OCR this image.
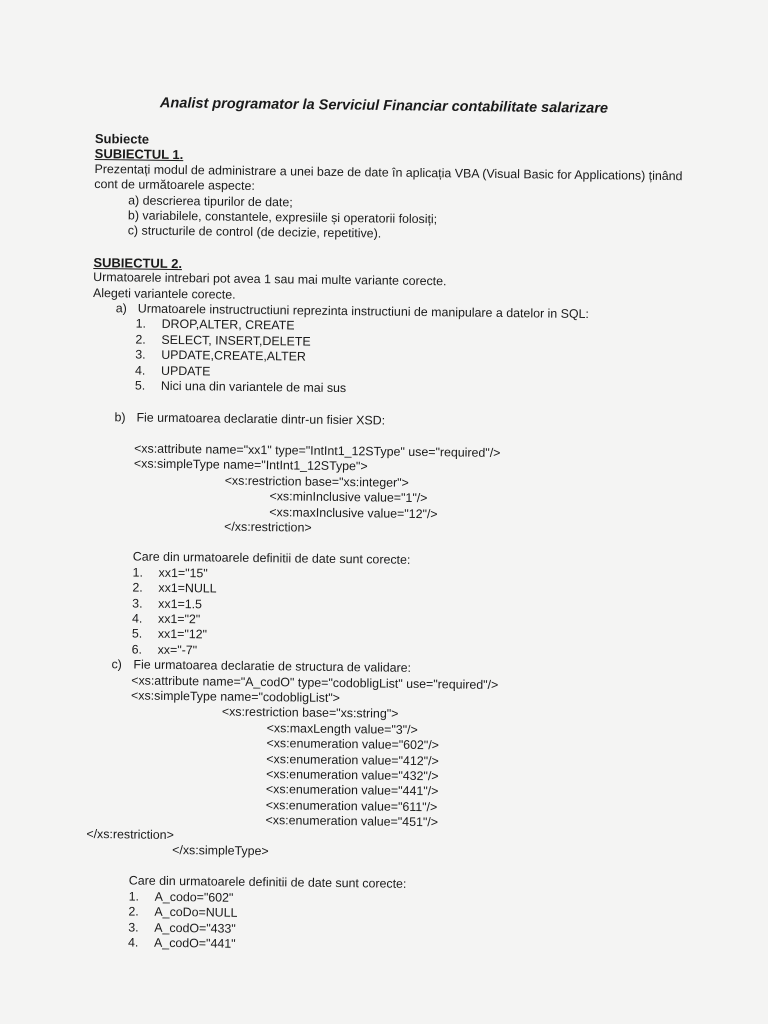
Analist programator la Serviciul Financiar contabilitate salarizare

Subiecte

SUBIECTUL 1.

Prezentați modul de administrare a unei baze de date în aplicația VBA (Visual Basic for Applications) ținând cont de următoarele aspecte:

a) descrierea tipurilor de date;

b) variabilele, constantele, expresiile și operatorii folosiți;

c) structurile de control (de decizie, repetitive).

SUBIECTUL 2.

Urmatoarele intrebari pot avea 1 sau mai multe variante corecte.

Alegeti variantele corecte.

a) Urmatoarele instructructiuni reprezinta instructiuni de manipulare a datelor in SQL:
1.	DROP,ALTER, CREATE
2.	SELECT, INSERT,DELETE
3.	UPDATE,CREATE,ALTER
4.	UPDATE
5.	Nici una din variantele de mai sus
b) Fie urmatoarea declaratie dintr-un fisier XSD:

<xs:attribute name="xx1" type="IntInt1_12SType" use="required"/>

<xs:simpleType name="IntInt1_12SType">

<xs:restriction base="xs:integer">

<xs:minInclusive value="1"/>

<xs:maxInclusive value="12"/>

</xs:restriction>

Care din urmatoarele definitii de date sunt corecte:

1.	xx1="15"
2.	xx1=NULL
3.	xx1=1.5
4.	xx1="2"
5.	xx1="12"
6.	xx="-7"
c) Fie urmatoarea declaratie de structura de validare:

<xs:attribute name="A_codO" type="codobligList" use="required"/>

<xs:simpleType name="codobligList">

<xs:restriction base="xs:string">

<xs:maxLength value="3"/>

<xs:enumeration value="602"/>

<xs:enumeration value="412"/>

<xs:enumeration value="432"/>

<xs:enumeration value="441"/>

<xs:enumeration value="611"/>

<xs:enumeration value="451"/>

</xs:restriction>

</xs:simpleType>

Care din urmatoarele definitii de date sunt corecte:

1.	A_codo="602"
2.	A_coDo=NULL
3.	A_codO="433"
4.	A_codO="441"
